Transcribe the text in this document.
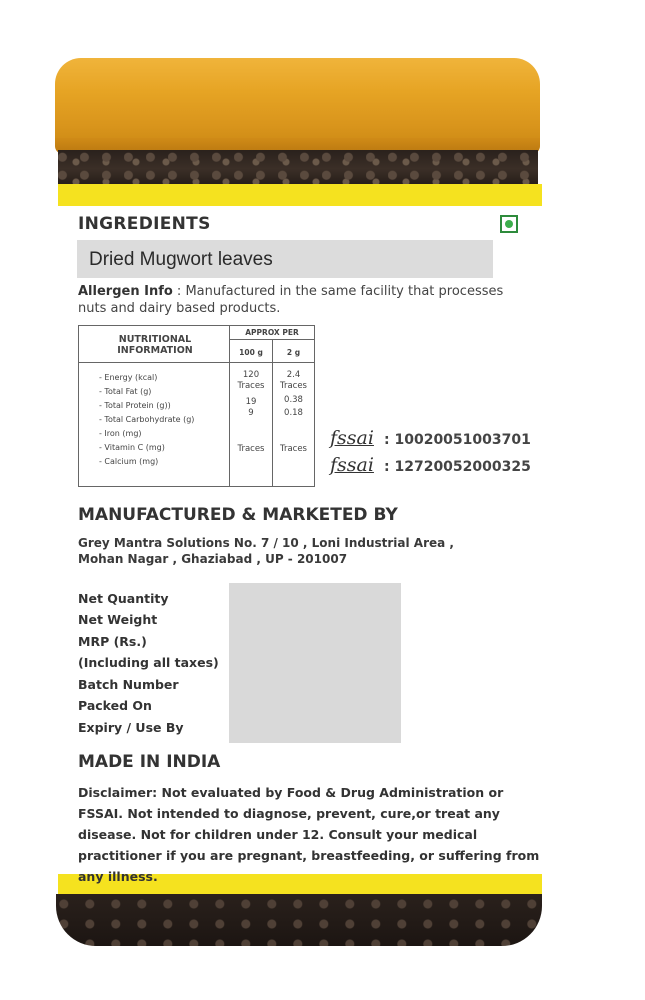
INGREDIENTS
Dried Mugwort leaves
Allergen Info : Manufactured in the same facility that processes nuts and dairy based products.
NUTRITIONAL
INFORMATION
APPROX PER
100 g	2 g
- Energy (kcal)
- Total Fat (g)
- Total Protein (g))
- Total Carbohydrate (g)
- Iron (mg)
- Vitamin C (mg)
- Calcium (mg)
120
Traces
19
9
Traces
2.4
Traces
0.38
0.18
Traces	fssai : 10020051003701
fssai : 12720052000325
MANUFACTURED & MARKETED BY
Grey Mantra Solutions No. 7 / 10 , Loni Industrial Area ,
Mohan Nagar , Ghaziabad , UP - 201007
Net Quantity
Net Weight
MRP (Rs.)
(Including all taxes)
Batch Number
Packed On
Expiry / Use By
MADE IN INDIA
Disclaimer: Not evaluated by Food & Drug Administration or FSSAI. Not intended to diagnose, prevent, cure,or treat any disease. Not for children under 12. Consult your medical practitioner if you are pregnant, breastfeeding, or suffering from any illness.
